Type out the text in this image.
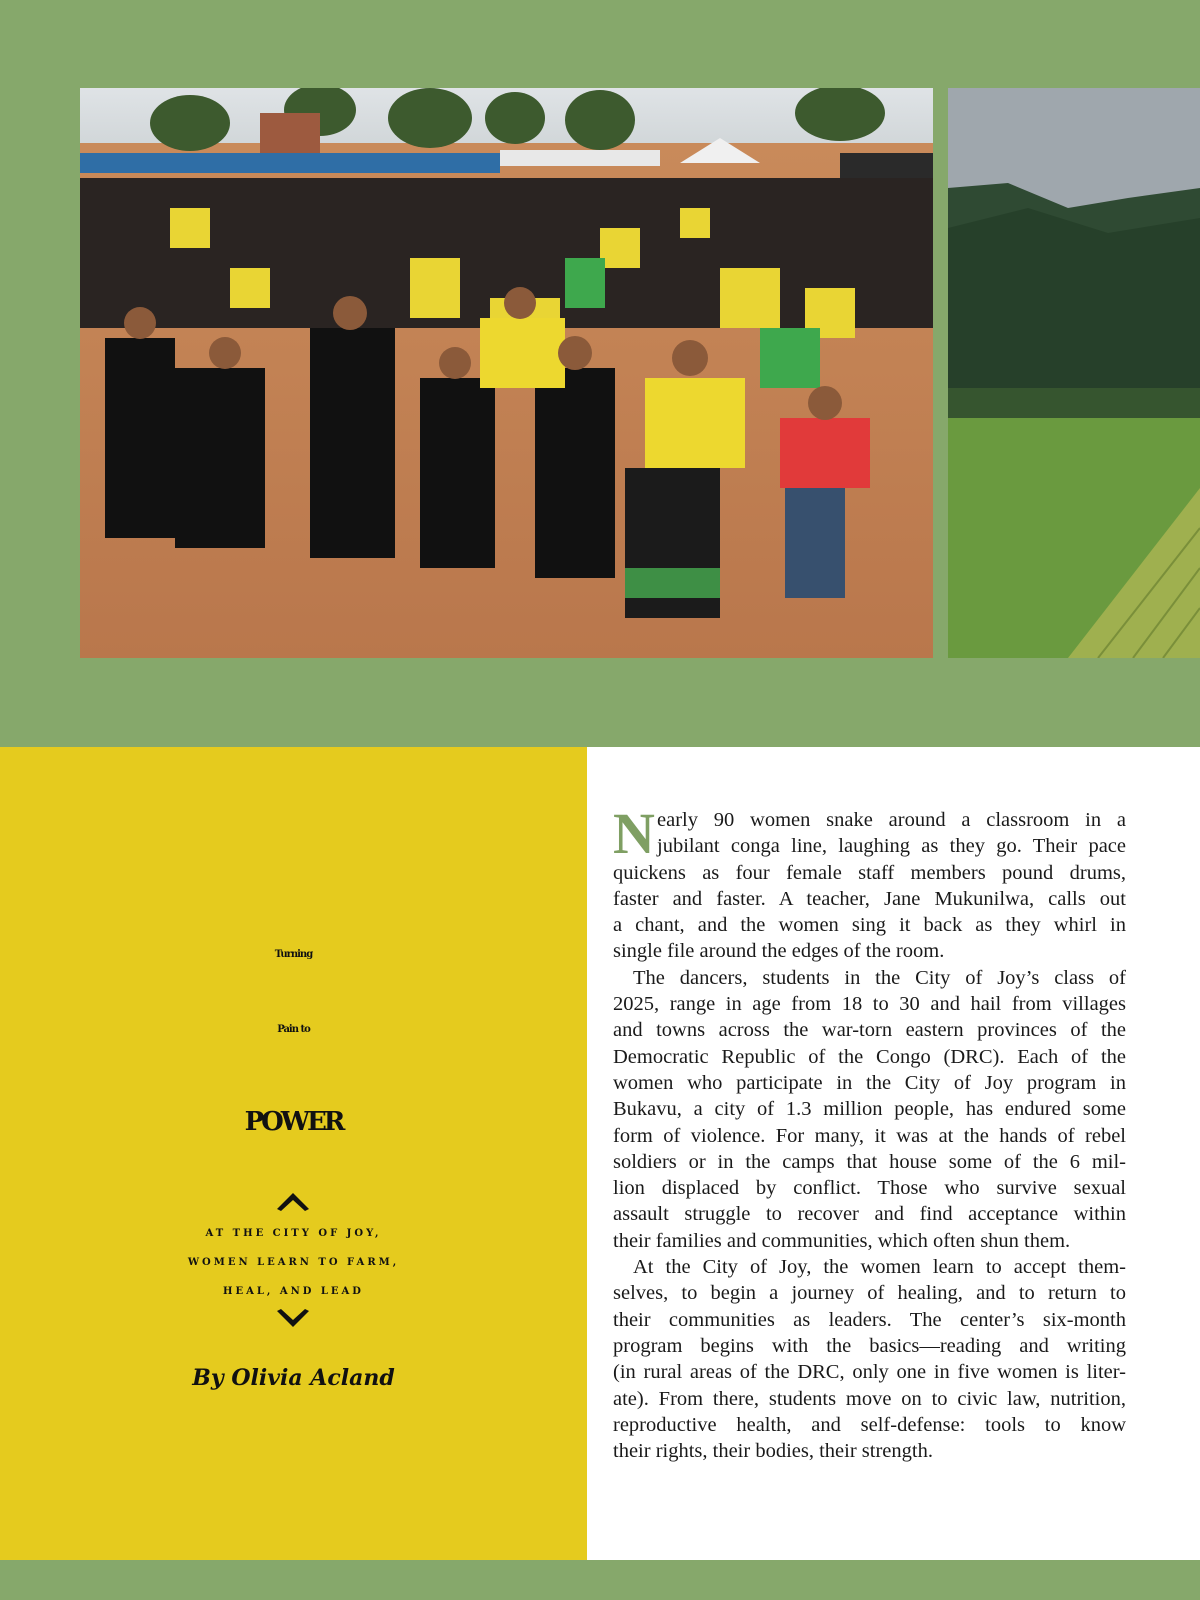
Turning
Pain to
POWER

AT THE CITY OF JOY,
WOMEN LEARN TO FARM,
HEAL, AND LEAD

By Olivia Acland
N early 90 women snake around a classroom in a
jubilant conga line, laughing as they go. Their pace
quickens as four female staff members pound drums,
faster and faster. A teacher, Jane Mukunilwa, calls out
a chant, and the women sing it back as they whirl in
single file around the edges of the room.
The dancers, students in the City of Joy’s class of
2025, range in age from 18 to 30 and hail from villages
and towns across the war-torn eastern provinces of the
Democratic Republic of the Congo (DRC). Each of the
women who participate in the City of Joy program in
Bukavu, a city of 1.3 million people, has endured some
form of violence. For many, it was at the hands of rebel
soldiers or in the camps that house some of the 6 mil-
lion displaced by conflict. Those who survive sexual
assault struggle to recover and find acceptance within
their families and communities, which often shun them.
At the City of Joy, the women learn to accept them-
selves, to begin a journey of healing, and to return to
their communities as leaders. The center’s six-month
program begins with the basics—reading and writing
(in rural areas of the DRC, only one in five women is liter-
ate). From there, students move on to civic law, nutrition,
reproductive health, and self-defense: tools to know
their rights, their bodies, their strength.
